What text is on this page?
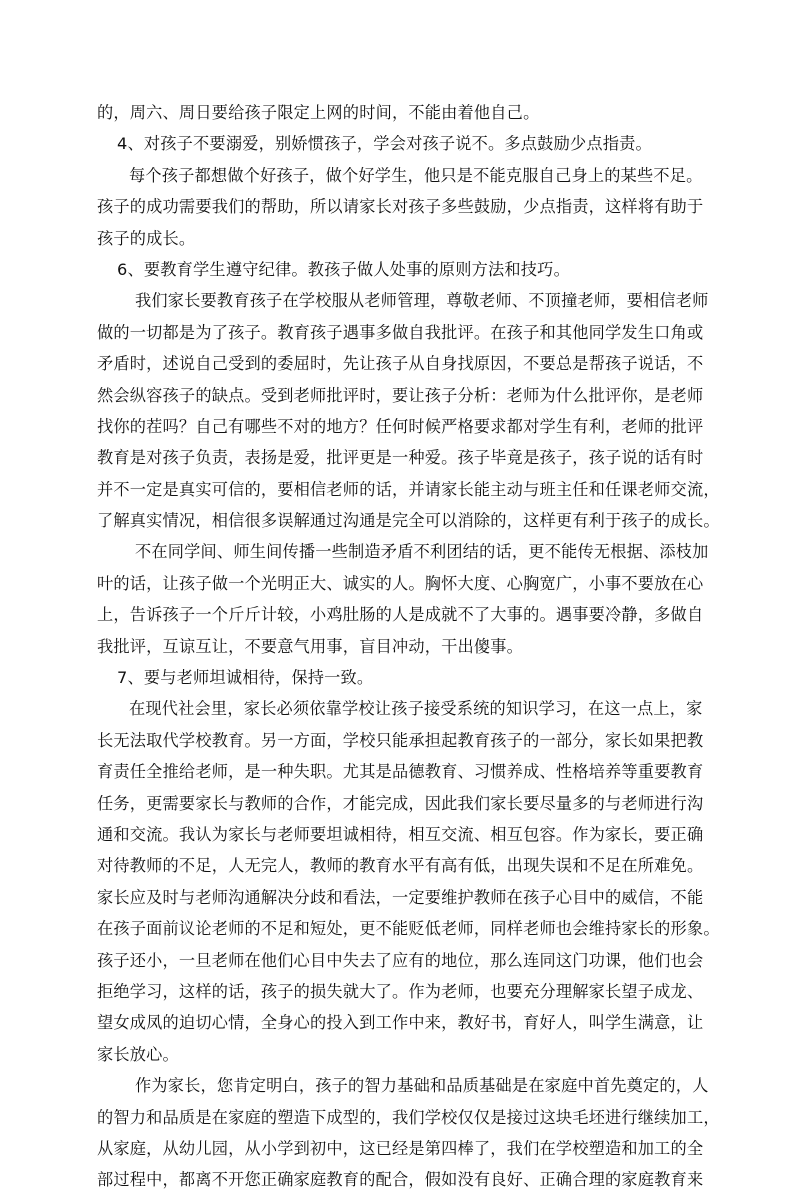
的，周六、周日要给孩子限定上网的时间，不能由着他自己。
4、对孩子不要溺爱，别娇惯孩子，学会对孩子说不。多点鼓励少点指责。
每个孩子都想做个好孩子，做个好学生，他只是不能克服自己身上的某些不足。
孩子的成功需要我们的帮助，所以请家长对孩子多些鼓励，少点指责，这样将有助于
孩子的成长。
6、要教育学生遵守纪律。教孩子做人处事的原则方法和技巧。
我们家长要教育孩子在学校服从老师管理，尊敬老师、不顶撞老师，要相信老师
做的一切都是为了孩子。教育孩子遇事多做自我批评。在孩子和其他同学发生口角或
矛盾时，述说自己受到的委屈时，先让孩子从自身找原因，不要总是帮孩子说话，不
然会纵容孩子的缺点。受到老师批评时，要让孩子分析：老师为什么批评你，是老师
找你的茬吗？自己有哪些不对的地方？任何时候严格要求都对学生有利，老师的批评
教育是对孩子负责，表扬是爱，批评更是一种爱。孩子毕竟是孩子，孩子说的话有时
并不一定是真实可信的，要相信老师的话，并请家长能主动与班主任和任课老师交流，
了解真实情况，相信很多误解通过沟通是完全可以消除的，这样更有利于孩子的成长。
不在同学间、师生间传播一些制造矛盾不利团结的话，更不能传无根据、添枝加
叶的话，让孩子做一个光明正大、诚实的人。胸怀大度、心胸宽广，小事不要放在心
上，告诉孩子一个斤斤计较，小鸡肚肠的人是成就不了大事的。遇事要冷静，多做自
我批评，互谅互让，不要意气用事，盲目冲动，干出傻事。
7、要与老师坦诚相待，保持一致。
在现代社会里，家长必须依靠学校让孩子接受系统的知识学习，在这一点上，家
长无法取代学校教育。另一方面，学校只能承担起教育孩子的一部分，家长如果把教
育责任全推给老师，是一种失职。尤其是品德教育、习惯养成、性格培养等重要教育
任务，更需要家长与教师的合作，才能完成，因此我们家长要尽量多的与老师进行沟
通和交流。我认为家长与老师要坦诚相待，相互交流、相互包容。作为家长，要正确
对待教师的不足，人无完人，教师的教育水平有高有低，出现失误和不足在所难免。
家长应及时与老师沟通解决分歧和看法，一定要维护教师在孩子心目中的威信，不能
在孩子面前议论老师的不足和短处，更不能贬低老师，同样老师也会维持家长的形象。
孩子还小，一旦老师在他们心目中失去了应有的地位，那么连同这门功课，他们也会
拒绝学习，这样的话，孩子的损失就大了。作为老师，也要充分理解家长望子成龙、
望女成凤的迫切心情，全身心的投入到工作中来，教好书，育好人，叫学生满意，让
家长放心。
作为家长，您肯定明白，孩子的智力基础和品质基础是在家庭中首先奠定的，人
的智力和品质是在家庭的塑造下成型的，我们学校仅仅是接过这块毛坯进行继续加工，
从家庭，从幼儿园，从小学到初中，这已经是第四棒了，我们在学校塑造和加工的全
部过程中，都离不开您正确家庭教育的配合，假如没有良好、正确合理的家庭教育来
